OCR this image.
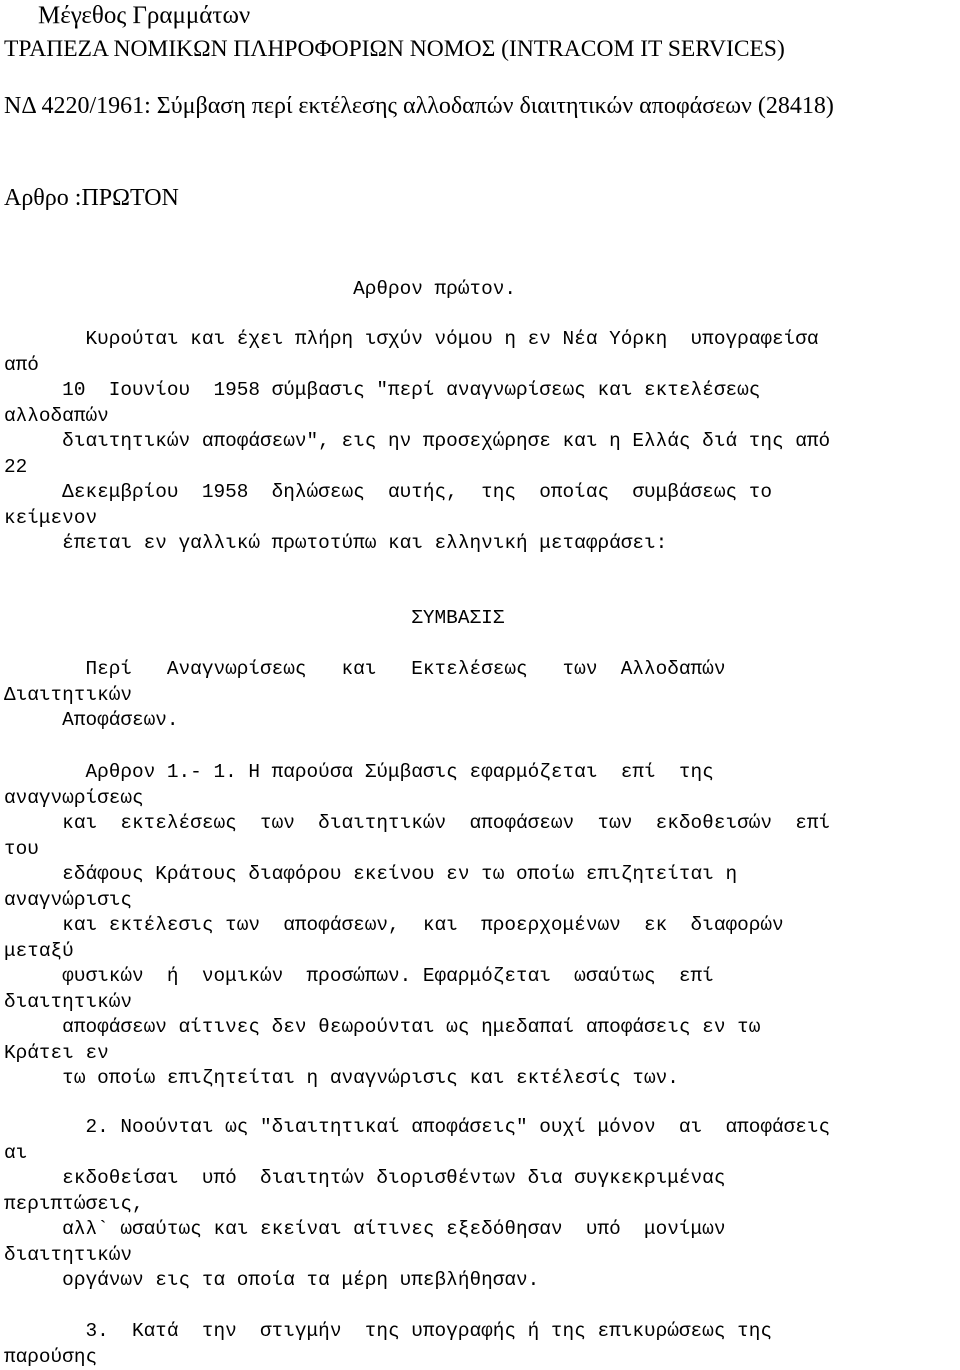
Μέγεθος Γραμμάτων
ΤΡΑΠΕΖΑ ΝΟΜΙΚΩΝ ΠΛΗΡΟΦΟΡΙΩΝ ΝΟΜΟΣ (INTRACOM IT SERVICES)
ΝΔ 4220/1961: Σύμβαση περί εκτέλεσης αλλοδαπών διαιτητικών αποφάσεων (28418)
Αρθρο :ΠΡΩΤΟΝ
Αρθρον πρώτον.
Κυρούται και έχει πλήρη ισχύν νόμου η εν Νέα Υόρκη  υπογραφείσα
από
10  Ιουνίου  1958 σύμβασις "περί αναγνωρίσεως και εκτελέσεως
αλλοδαπών
διαιτητικών αποφάσεων", εις ην προσεχώρησε και η Ελλάς διά της από
22
Δεκεμβρίου  1958  δηλώσεως  αυτής,  της  οποίας  συμβάσεως το
κείμενον
έπεται εν γαλλικώ πρωτοτύπω και ελληνική μεταφράσει:
ΣΥΜΒΑΣΙΣ
Περί   Αναγνωρίσεως   και   Εκτελέσεως   των  Αλλοδαπών
Διαιτητικών
Αποφάσεων.
Αρθρον 1.- 1. Η παρούσα Σύμβασις εφαρμόζεται  επί  της
αναγνωρίσεως
και  εκτελέσεως  των  διαιτητικών  αποφάσεων  των  εκδοθεισών  επί
του
εδάφους Κράτους διαφόρου εκείνου εν τω οποίω επιζητείται η
αναγνώρισις
και εκτέλεσις των  αποφάσεων,  και  προερχομένων  εκ  διαφορών
μεταξύ
φυσικών  ή  νομικών  προσώπων. Εφαρμόζεται  ωσαύτως  επί
διαιτητικών
αποφάσεων αίτινες δεν θεωρούνται ως ημεδαπαί αποφάσεις εν τω
Κράτει εν
τω οποίω επιζητείται η αναγνώρισις και εκτέλεσίς των.
2. Νοούνται ως "διαιτητικαί αποφάσεις" ουχί μόνον  αι  αποφάσεις
αι
εκδοθείσαι  υπό  διαιτητών διορισθέντων δια συγκεκριμένας
περιπτώσεις,
αλλ` ωσαύτως και εκείναι αίτινες εξεδόθησαν  υπό  μονίμων
διαιτητικών
οργάνων εις τα οποία τα μέρη υπεβλήθησαν.
3.  Κατά  την  στιγμήν  της υπογραφής ή της επικυρώσεως της
παρούσης
